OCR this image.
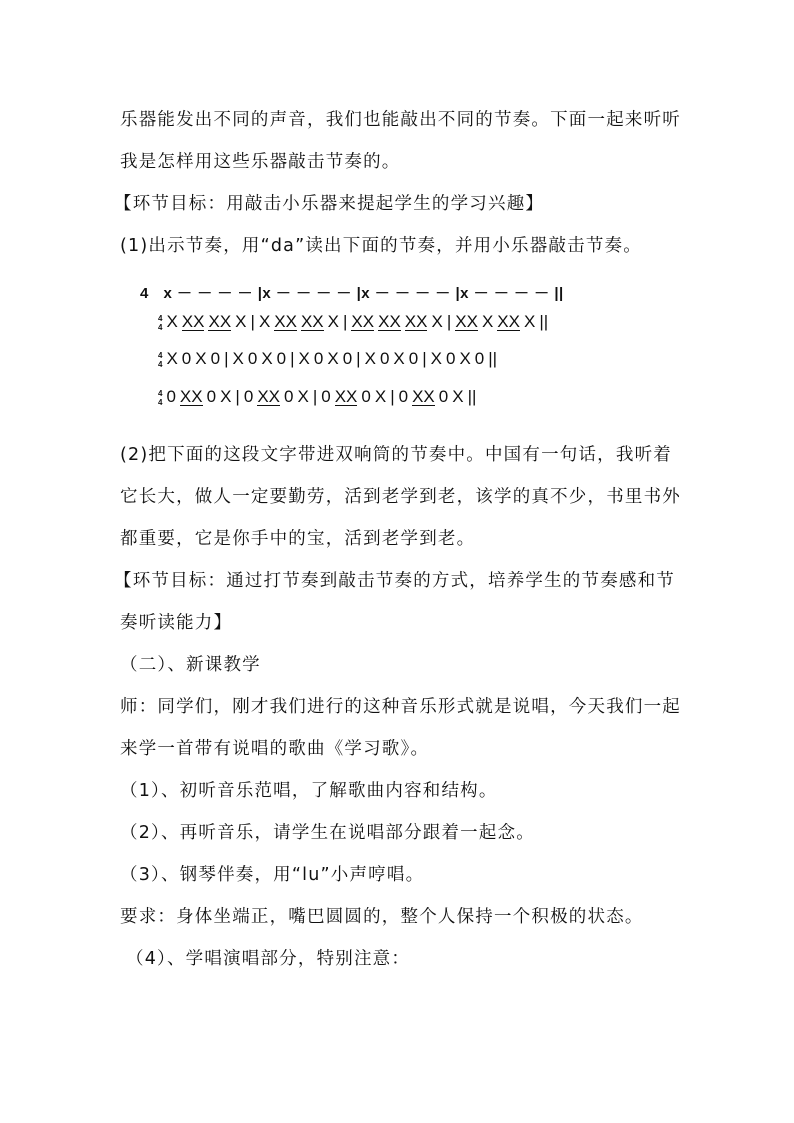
乐器能发出不同的声音，我们也能敲出不同的节奏。下面一起来听听
我是怎样用这些乐器敲击节奏的。
【环节目标：用敲击小乐器来提起学生的学习兴趣】
(1)出示节奏，用“da”读出下面的节奏，并用小乐器敲击节奏。
4 x － － － － |x － － － － |x － － － － |x － － － － ||
4
4 X XX XX X | X XX XX X | XX XX XX X | XX X XX X ||
4
4 X 0 X 0 | X 0 X 0 | X 0 X 0 | X 0 X 0 | X 0 X 0 ||
4
4 0 XX 0 X | 0 XX 0 X | 0 XX 0 X | 0 XX 0 X ||
(2)把下面的这段文字带进双响筒的节奏中。中国有一句话，我听着
它长大，做人一定要勤劳，活到老学到老，该学的真不少，书里书外
都重要，它是你手中的宝，活到老学到老。
【环节目标：通过打节奏到敲击节奏的方式，培养学生的节奏感和节
奏听读能力】
（二）、新课教学
师：同学们，刚才我们进行的这种音乐形式就是说唱，今天我们一起
来学一首带有说唱的歌曲《学习歌》。
（1）、初听音乐范唱，了解歌曲内容和结构。
（2）、再听音乐，请学生在说唱部分跟着一起念。
（3）、钢琴伴奏，用“lu”小声哼唱。
要求：身体坐端正，嘴巴圆圆的，整个人保持一个积极的状态。
（4）、学唱演唱部分，特别注意：
